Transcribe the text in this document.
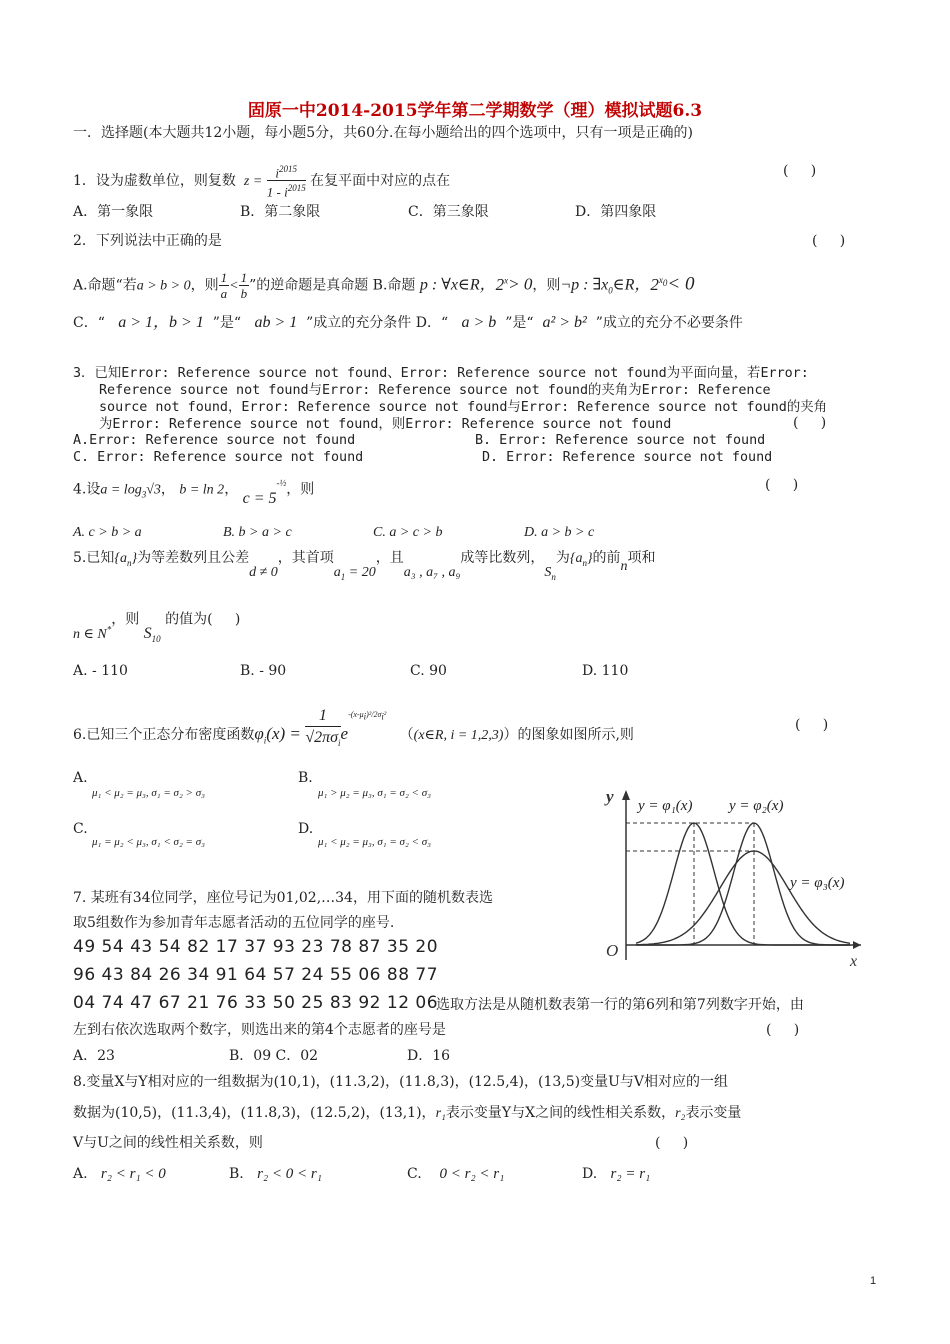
固原一中2014-2015学年第二学期数学（理）模拟试题6.3
一．选择题(本大题共12小题，每小题5分，共60分.在每小题给出的四个选项中，只有一项是正确的)
1．设为虚数单位，则复数  $z = \frac{i^{2015}}{1 - i^{2015}}$ 在复平面中对应的点在
(     )
A．第一象限	B．第二象限	C．第三象限	D．第四象限
2．下列说法中正确的是	(     )
A.命题“若a > b > 0，则 $\frac{1}{a} < \frac{1}{b}$ ”的逆命题是真命题 B.命题 p : ∀x∈R，$2^x> 0$，则¬p : $\exists x_0\in R$，$2^{x_0}< 0$
C．“ a > 1，b > 1 ”是“ ab > 1 ”成立的充分条件 D．“ a > b ”是“ a² > b² ”成立的充分不必要条件
3．已知Error: Reference source not found、Error: Reference source not found为平面向量，若Error:
Reference source not found与Error: Reference source not found的夹角为Error: Reference
source not found，Error: Reference source not found与Error: Reference source not found的夹角
为Error: Reference source not found，则Error: Reference source not found	(     )
A.Error: Reference source not found	B. Error: Reference source not found
C. Error: Reference source not found	D. Error: Reference source not found
4.设$a = \log_3√3$， b = ln 2， $c = 5^{-\frac{1}{2}}$，则	(     )
A. c > b > a	B. b > a > c	C. a > c > b	D. a > b > c
5.已知$\{a_n\}$为等差数列且公差d ≠ 0，其首项$a_1 = 20$，且a₃ , a₇ , a₉成等比数列，$S_n$为$\{a_n\}$的前n项和
n ∈ N*，则 $S_{10}$ 的值为(     )
A. - 110	B. - 90	C. 90	D. 110
6.已知三个正态分布密度函数$\varphi_i(x) = \frac{1}{√2\pi\sigma_i} e^{-(x-\mu_i)^2/2\sigma_i^2}$   （(x∈R, i = 1,2,3)）的图象如图所示,则
(     )
A.
μ₁ < μ₂ = μ₃, σ₁ = σ₂ > σ₃
B.
μ₁ > μ₂ = μ₃, σ₁ = σ₂ < σ₃
C.
μ₁ = μ₂ < μ₃, σ₁ < σ₂ = σ₃
D.
μ₁ < μ₂ = μ₃, σ₁ = σ₂ < σ₃
y
x
O
y = φ₁(x) y = φ₂(x)
y = φ₃(x)
7. 某班有34位同学，座位号记为01,02,…34，用下面的随机数表选
取5组数作为参加青年志愿者活动的五位同学的座号.
49 54 43 54 82 17 37 93 23 78 87 35 20
96 43 84 26 34 91 64 57 24 55 06 88 77
04 74 47 67 21 76 33 50 25 83 92 12 06
选取方法是从随机数表第一行的第6列和第7列数字开始，由
左到右依次选取两个数字，则选出来的第4个志愿者的座号是	(     )
A．23	B．09 C．02	D．16
8.变量X与Y相对应的一组数据为(10,1)，(11.3,2)，(11.8,3)，(12.5,4)，(13,5)变量U与V相对应的一组
数据为(10,5)，(11.3,4)，(11.8,3)，(12.5,2)，(13,1)，r₁表示变量Y与X之间的线性相关系数，r₂表示变量
V与U之间的线性相关系数，则	(     )
A. r₂ < r₁ < 0	B. r₂ < 0 < r₁	C. 0 < r₂ < r₁	D. r₂ = r₁
1
